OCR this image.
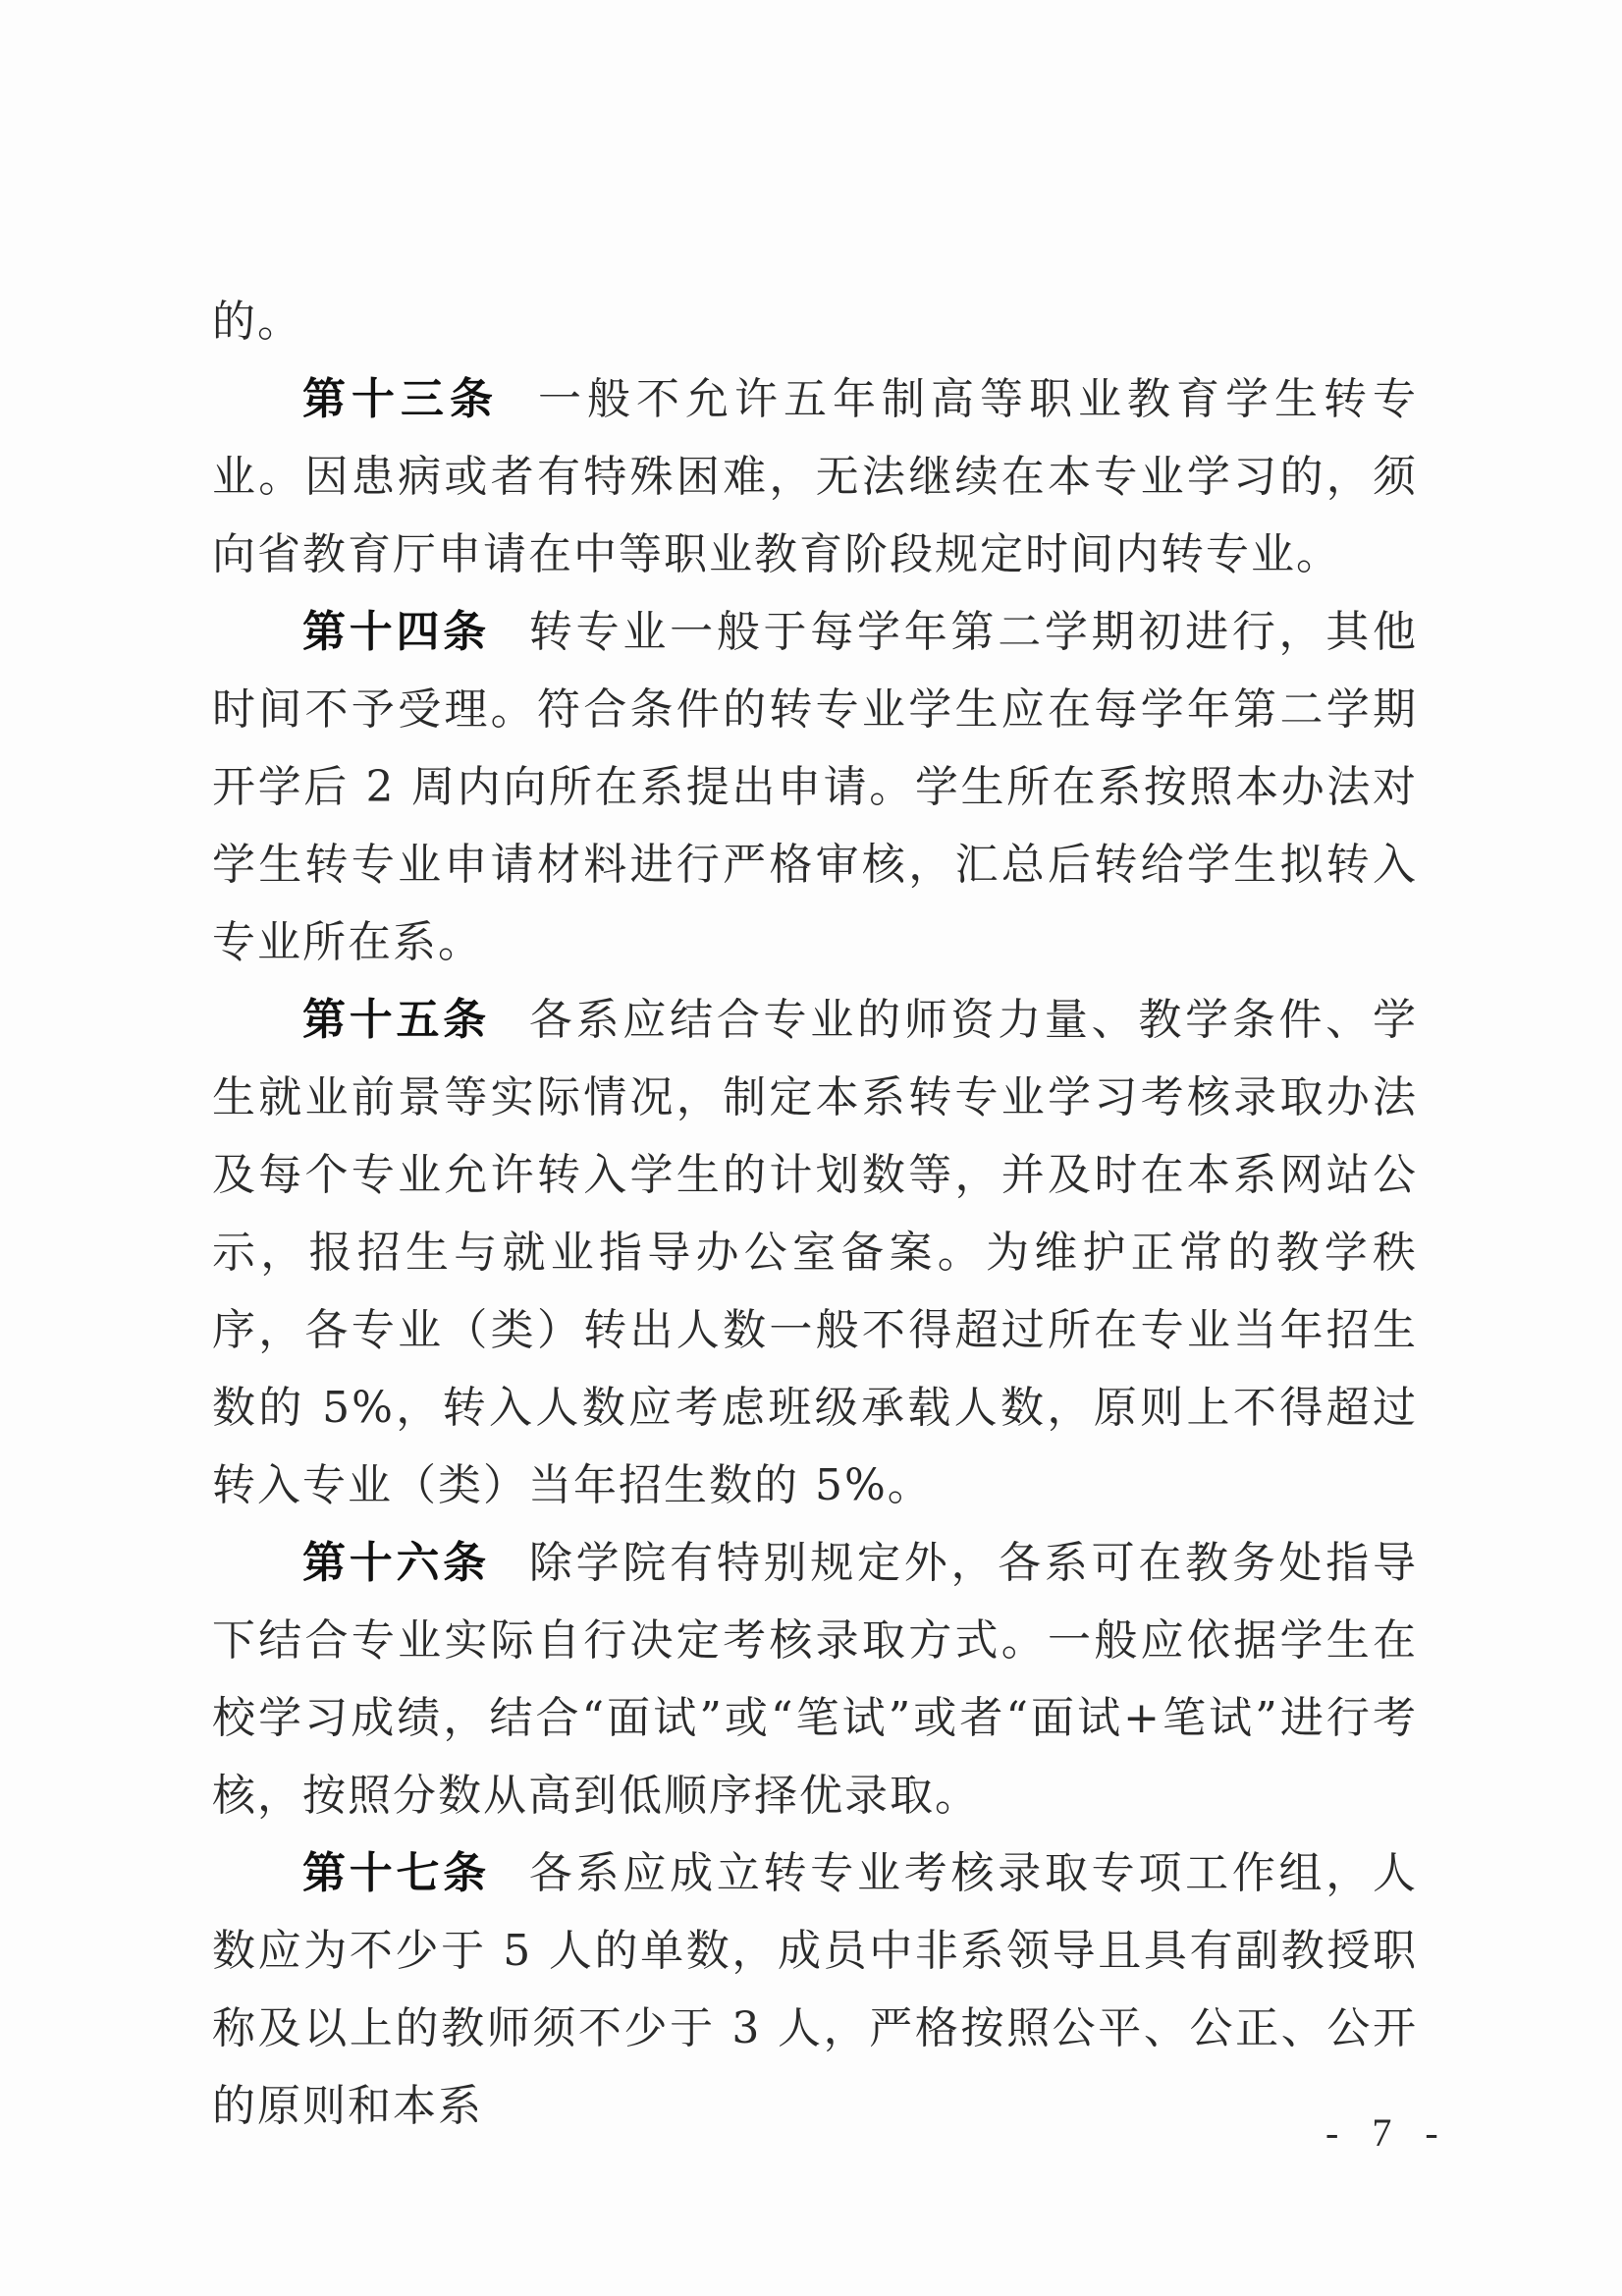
的。

第十三条 一般不允许五年制高等职业教育学生转专业。因患病或者有特殊困难，无法继续在本专业学习的，须向省教育厅申请在中等职业教育阶段规定时间内转专业。

第十四条 转专业一般于每学年第二学期初进行，其他时间不予受理。符合条件的转专业学生应在每学年第二学期开学后 2 周内向所在系提出申请。学生所在系按照本办法对学生转专业申请材料进行严格审核，汇总后转给学生拟转入专业所在系。

第十五条 各系应结合专业的师资力量、教学条件、学生就业前景等实际情况，制定本系转专业学习考核录取办法及每个专业允许转入学生的计划数等，并及时在本系网站公示，报招生与就业指导办公室备案。为维护正常的教学秩序，各专业（类）转出人数一般不得超过所在专业当年招生数的 5%，转入人数应考虑班级承载人数，原则上不得超过转入专业（类）当年招生数的 5%。

第十六条 除学院有特别规定外，各系可在教务处指导下结合专业实际自行决定考核录取方式。一般应依据学生在校学习成绩，结合“面试”或“笔试”或者“面试+笔试”进行考核，按照分数从高到低顺序择优录取。

第十七条 各系应成立转专业考核录取专项工作组，人数应为不少于 5 人的单数，成员中非系领导且具有副教授职称及以上的教师须不少于 3 人，严格按照公平、公正、公开的原则和本系

- 7 -
